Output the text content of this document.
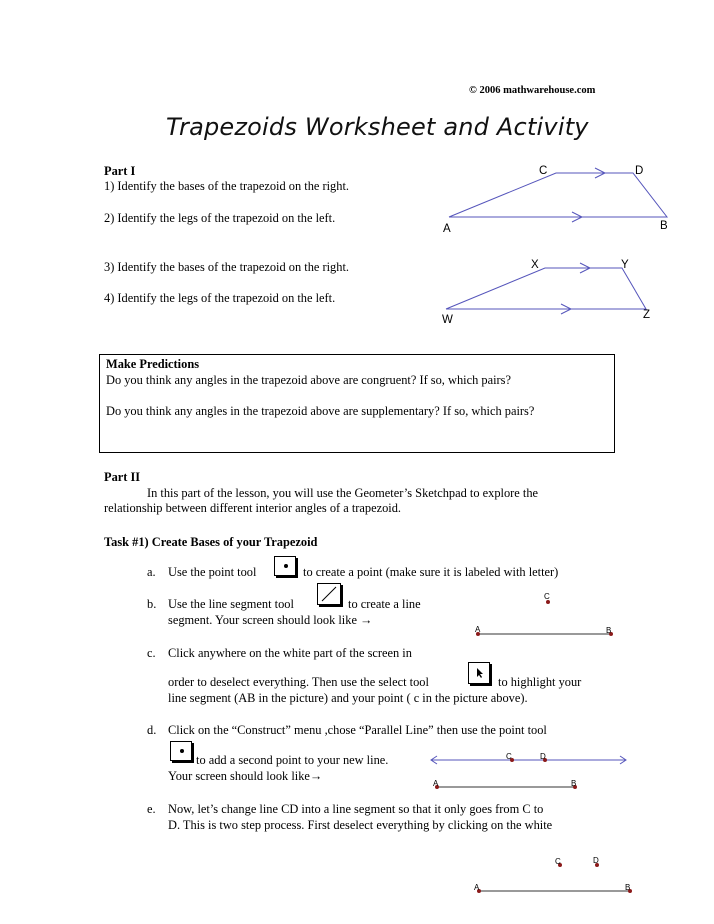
© 2006 mathwarehouse.com
Trapezoids Worksheet and Activity
Part I
1) Identify the bases of the trapezoid on the right.
2) Identify the legs of the trapezoid on the left.
3) Identify the bases of the trapezoid on the right.
4) Identify the legs of the trapezoid on the left.
C	D
A	B
X	Y
W	Z
Make Predictions
Do you think any angles in the trapezoid above are congruent? If so, which pairs?
Do you think any angles in the trapezoid above are supplementary? If so, which pairs?
Part II
In this part of the lesson, you will use the Geometer’s Sketchpad to explore the
relationship between different interior angles of a trapezoid.
Task #1) Create Bases of your Trapezoid
a. Use the point tool	to create a point (make sure it is labeled with letter)
b. Use the line segment tool	to create a line
segment. Your screen should look like →
C
A	B
c. Click anywhere on the white part of the screen in
order to deselect everything. Then use the select tool	to highlight your
line segment (AB in the picture) and your point ( c in the picture above).
d. Click on the “Construct” menu ,chose “Parallel Line” then use the point tool
to add a second point to your new line.
Your screen should look like→
C	D
A	B
e. Now, let’s change line CD into a line segment so that it only goes from C to
D. This is two step process. First deselect everything by clicking on the white
C	D
A	B
